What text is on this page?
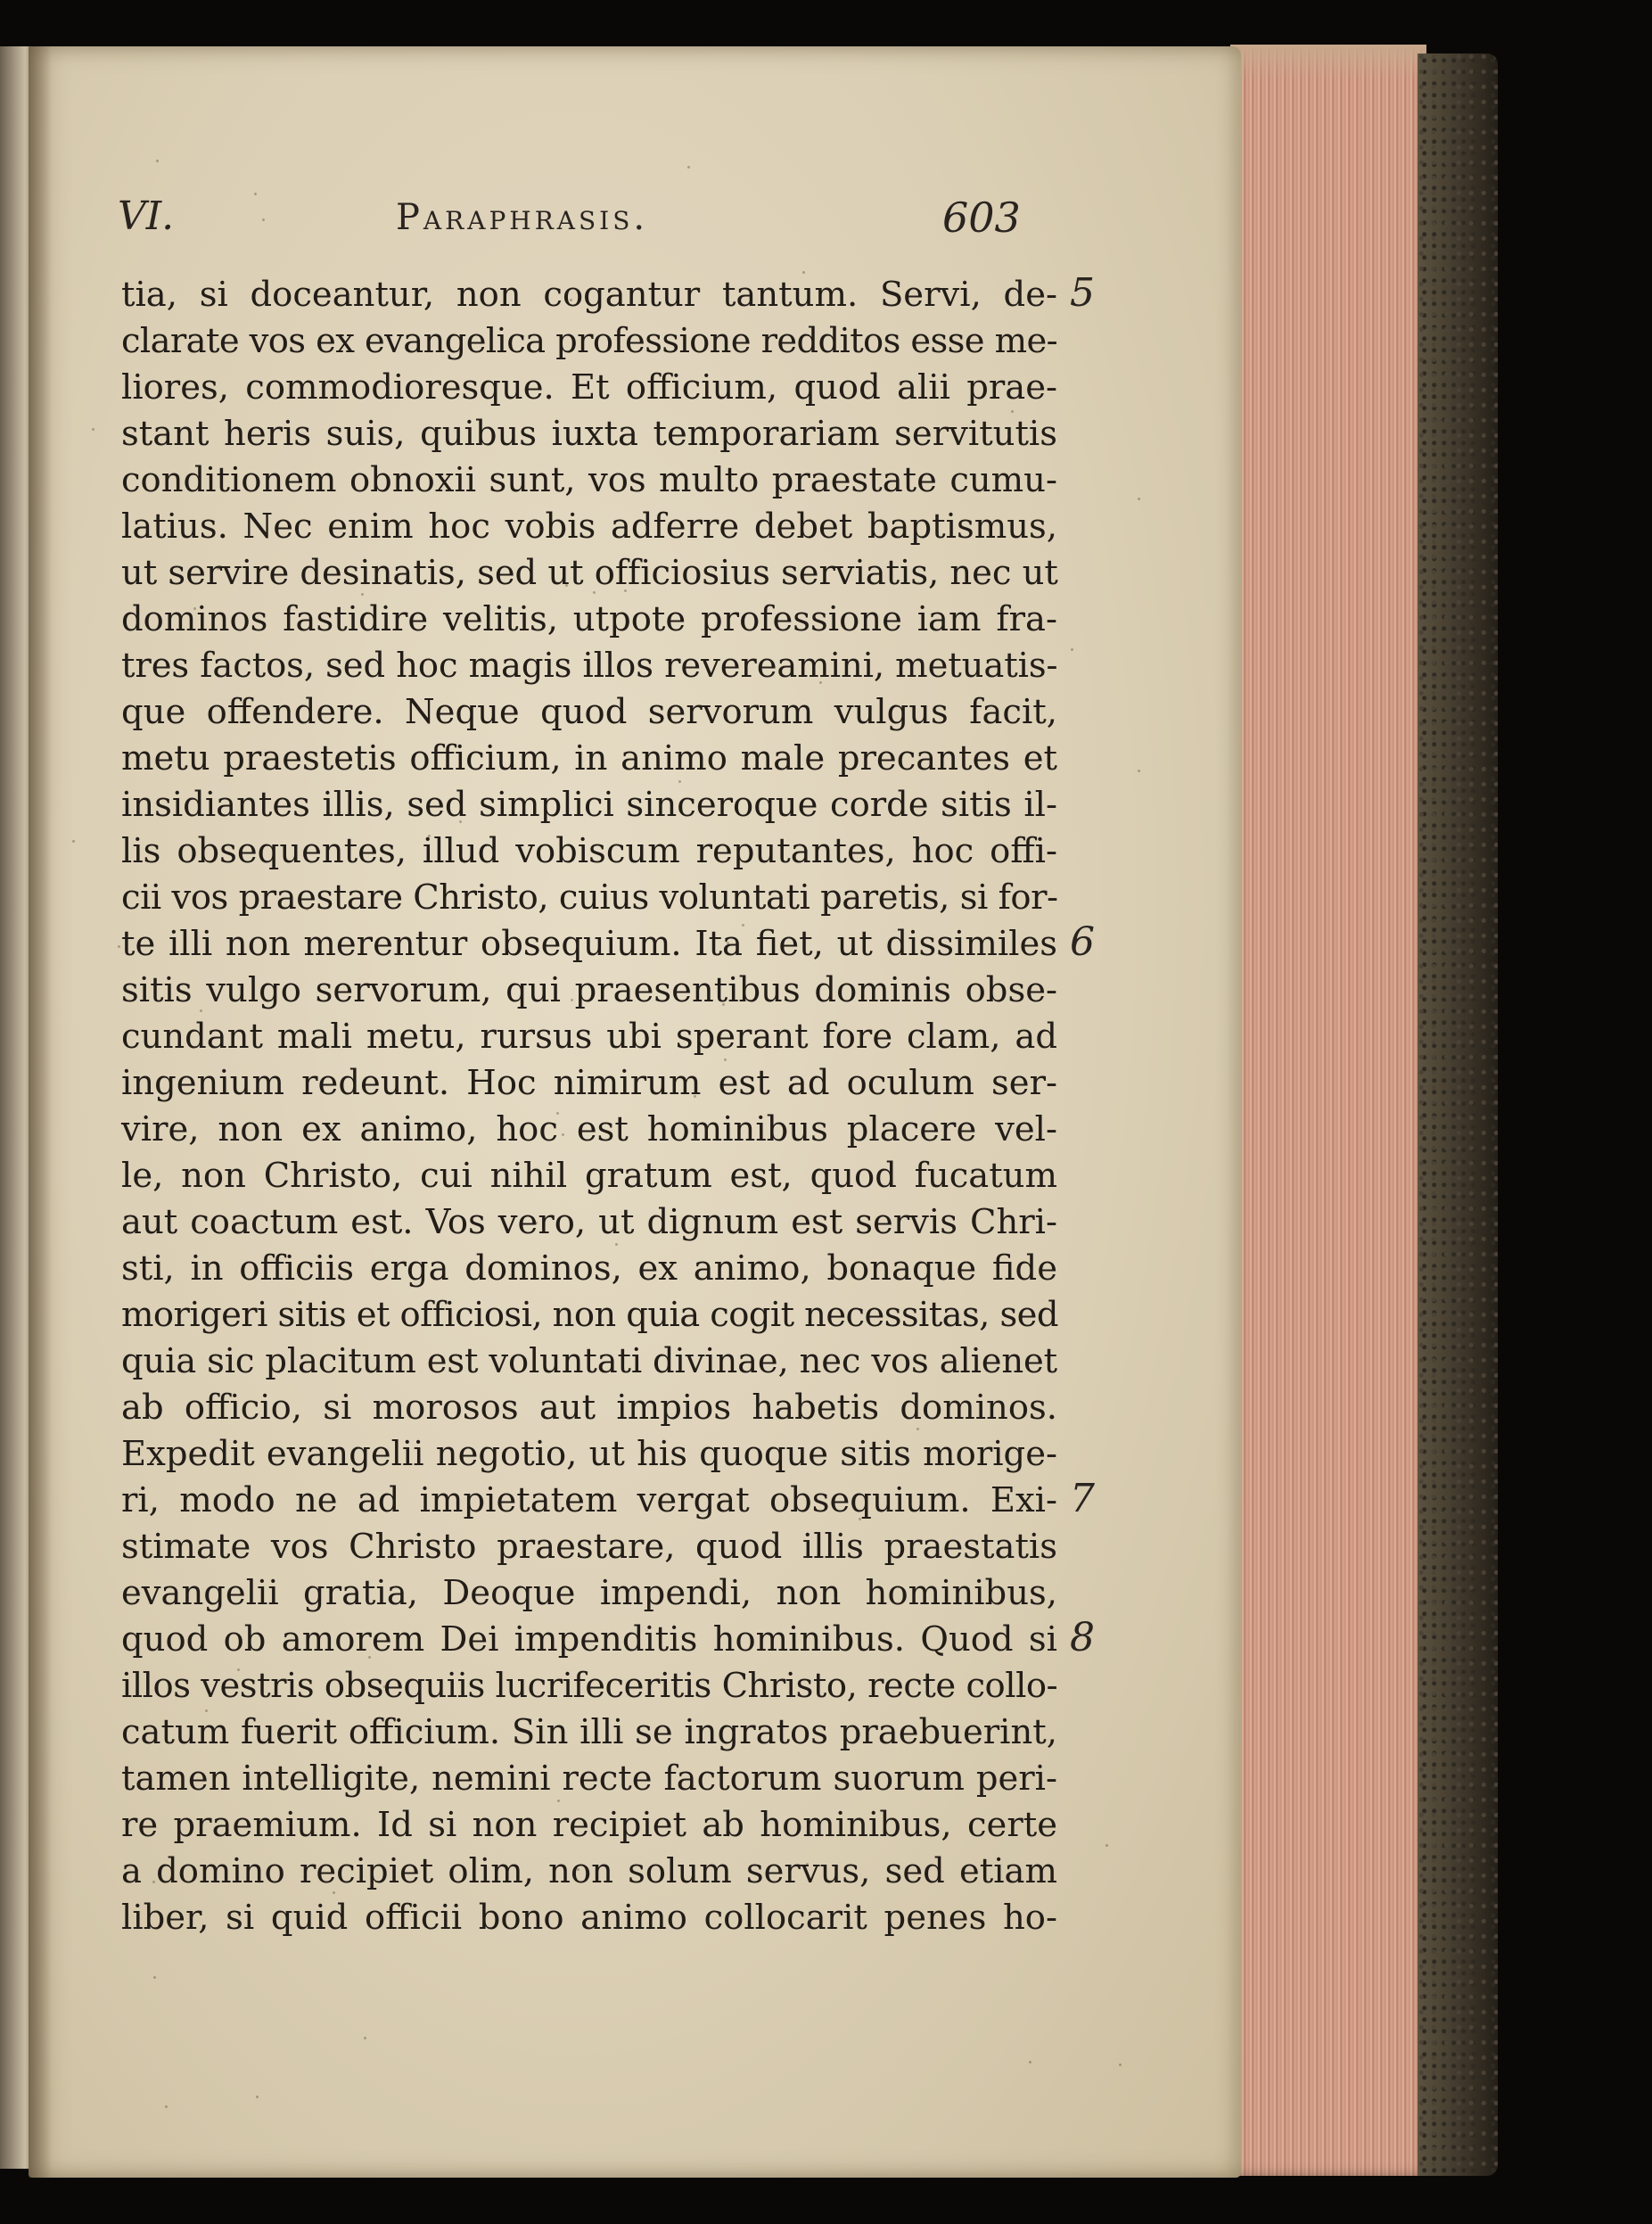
VI.	Paraphrasis.	603
tia, si doceantur, non cogantur tantum. Servi, de-
clarate vos ex evangelica professione redditos esse me-
liores, commodioresque. Et officium, quod alii prae-
stant heris suis, quibus iuxta temporariam servitutis
conditionem obnoxii sunt, vos multo praestate cumu-
latius. Nec enim hoc vobis adferre debet baptismus,
ut servire desinatis, sed ut officiosius serviatis, nec ut
dominos fastidire velitis, utpote professione iam fra-
tres factos, sed hoc magis illos revereamini, metuatis-
que offendere. Neque quod servorum vulgus facit,
metu praestetis officium, in animo male precantes et
insidiantes illis, sed simplici sinceroque corde sitis il-
lis obsequentes, illud vobiscum reputantes, hoc offi-
cii vos praestare Christo, cuius voluntati paretis, si for-
te illi non merentur obsequium. Ita fiet, ut dissimiles
sitis vulgo servorum, qui praesentibus dominis obse-
cundant mali metu, rursus ubi sperant fore clam, ad
ingenium redeunt. Hoc nimirum est ad oculum ser-
vire, non ex animo, hoc est hominibus placere vel-
le, non Christo, cui nihil gratum est, quod fucatum
aut coactum est. Vos vero, ut dignum est servis Chri-
sti, in officiis erga dominos, ex animo, bonaque fide
morigeri sitis et officiosi, non quia cogit necessitas, sed
quia sic placitum est voluntati divinae, nec vos alienet
ab officio, si morosos aut impios habetis dominos.
Expedit evangelii negotio, ut his quoque sitis morige-
ri, modo ne ad impietatem vergat obsequium. Exi-
stimate vos Christo praestare, quod illis praestatis
evangelii gratia, Deoque impendi, non hominibus,
quod ob amorem Dei impenditis hominibus. Quod si
illos vestris obsequiis lucrifeceritis Christo, recte collo-
catum fuerit officium. Sin illi se ingratos praebuerint,
tamen intelligite, nemini recte factorum suorum peri-
re praemium. Id si non recipiet ab hominibus, certe
a domino recipiet olim, non solum servus, sed etiam
liber, si quid officii bono animo collocarit penes ho-
5
6
7
8
